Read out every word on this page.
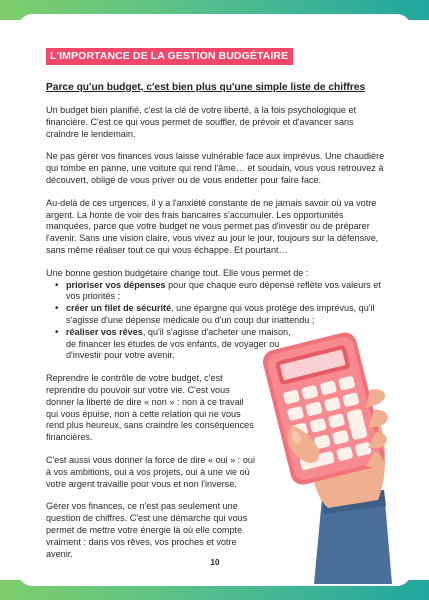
L'IMPORTANCE DE LA GESTION BUDGÉTAIRE
Parce qu'un budget, c'est bien plus qu'une simple liste de chiffres

Un budget bien planifié, c'est la clé de votre liberté, à la fois psychologique et financière. C'est ce qui vous permet de souffler, de prévoir et d'avancer sans craindre le lendemain.

Ne pas gérer vos finances vous laisse vulnérable face aux imprévus. Une chaudière qui tombe en panne, une voiture qui rend l'âme… et soudain, vous vous retrouvez à découvert, obligé de vous priver ou de vous endetter pour faire face.

Au-delà de ces urgences, il y a l'anxiété constante de ne jamais savoir où va votre argent. La honte de voir des frais bancaires s'accumuler. Les opportunités manquées, parce que votre budget ne vous permet pas d'investir ou de préparer l'avenir. Sans une vision claire, vous vivez au jour le jour, toujours sur la défensive, sans même réaliser tout ce qui vous échappe. Et pourtant…

Une bonne gestion budgétaire change tout. Elle vous permet de :

• prioriser vos dépenses pour que chaque euro dépensé reflète vos valeurs et vos priorités ;
• créer un filet de sécurité, une épargne qui vous protège des imprévus, qu'il s'agisse d'une dépense médicale ou d'un coup dur inattendu ;
• réaliser vos rêves, qu'il s'agisse d'acheter une maison, de financer les études de vos enfants, de voyager ou d'investir pour votre avenir.

Reprendre le contrôle de votre budget, c'est reprendre du pouvoir sur votre vie. C'est vous donner la liberté de dire « non » : non à ce travail qui vous épuise, non à cette relation qui ne vous rend plus heureux, sans craindre les conséquences financières.

C'est aussi vous donner la force de dire « oui » : oui à vos ambitions, oui à vos projets, oui à une vie où votre argent travaille pour vous et non l'inverse.

Gérer vos finances, ce n'est pas seulement une question de chiffres. C'est une démarche qui vous permet de mettre votre énergie là où elle compte vraiment : dans vos rêves, vos proches et votre avenir.

10
